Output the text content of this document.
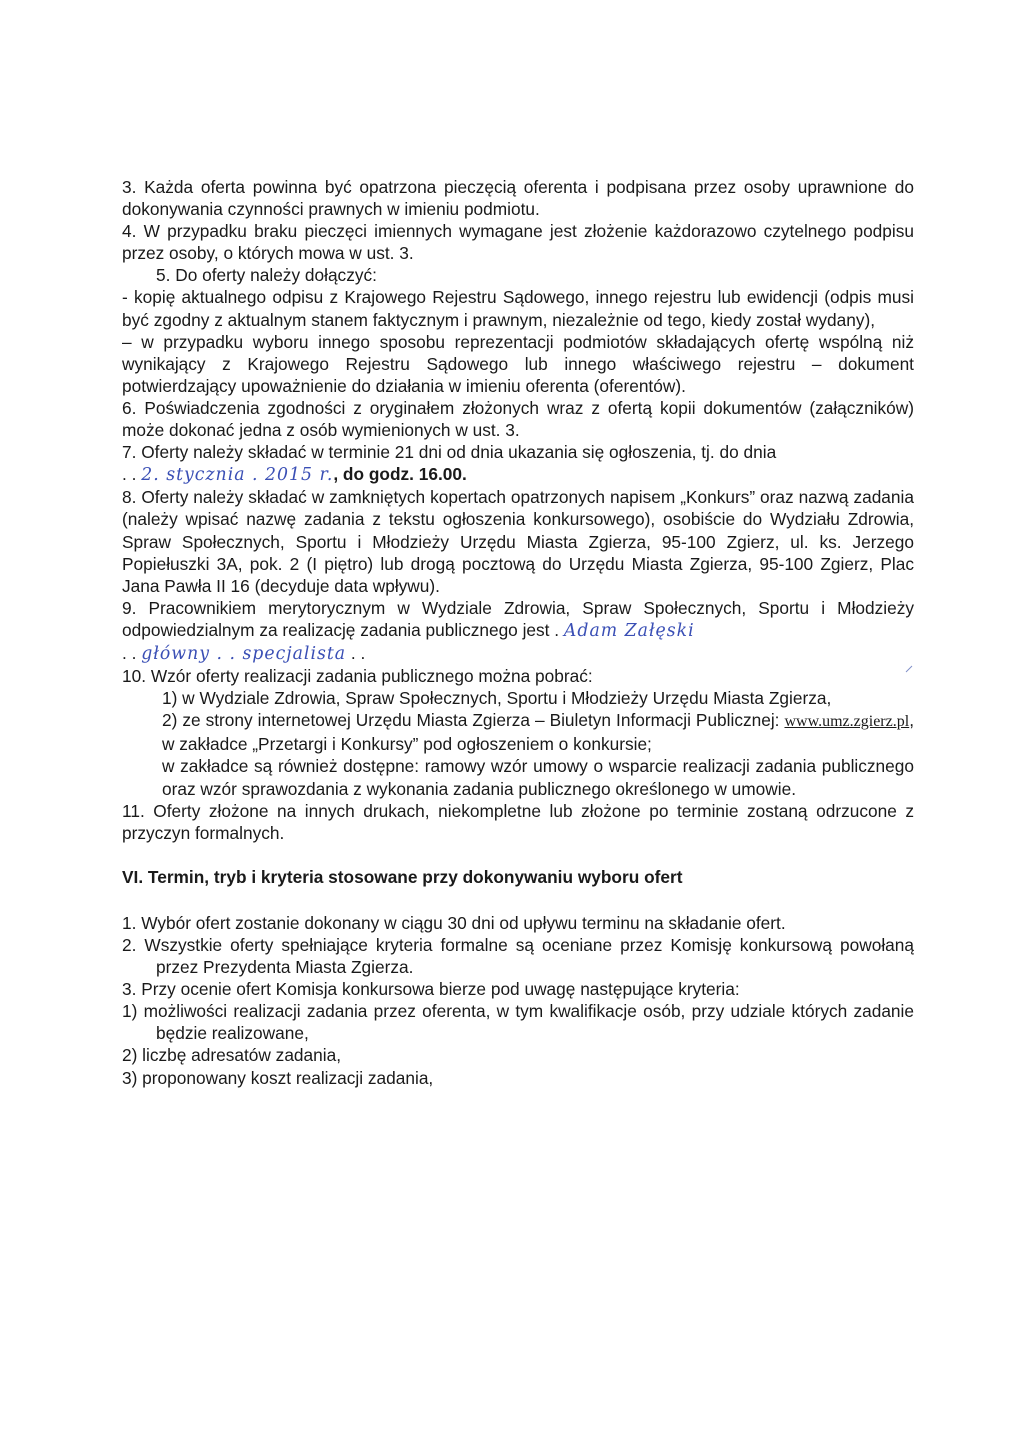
3. Każda oferta powinna być opatrzona pieczęcią oferenta i podpisana przez osoby uprawnione do dokonywania czynności prawnych w imieniu podmiotu.

4. W przypadku braku pieczęci imiennych wymagane jest złożenie każdorazowo czytelnego podpisu przez osoby, o których mowa w ust. 3.

5. Do oferty należy dołączyć:

- kopię aktualnego odpisu z Krajowego Rejestru Sądowego, innego rejestru lub ewidencji (odpis musi być zgodny z aktualnym stanem faktycznym i prawnym, niezależnie od tego, kiedy został wydany),

– w przypadku wyboru innego sposobu reprezentacji podmiotów składających ofertę wspólną niż wynikający z Krajowego Rejestru Sądowego lub innego właściwego rejestru – dokument potwierdzający upoważnienie do działania w imieniu oferenta (oferentów).

6. Poświadczenia zgodności z oryginałem złożonych wraz z ofertą kopii dokumentów (załączników) może dokonać jedna z osób wymienionych w ust. 3.

7. Oferty należy składać w terminie 21 dni od dnia ukazania się ogłoszenia, tj. do dnia
. . 2. stycznia . 2015 r., do godz. 16.00.

8. Oferty należy składać w zamkniętych kopertach opatrzonych napisem „Konkurs” oraz nazwą zadania (należy wpisać nazwę zadania z tekstu ogłoszenia konkursowego), osobiście do Wydziału Zdrowia, Spraw Społecznych, Sportu i Młodzieży Urzędu Miasta Zgierza, 95-100 Zgierz, ul. ks. Jerzego Popiełuszki 3A, pok. 2 (I piętro) lub drogą pocztową do Urzędu Miasta Zgierza, 95-100 Zgierz, Plac Jana Pawła II 16 (decyduje data wpływu).

9. Pracownikiem merytorycznym w Wydziale Zdrowia, Spraw Społecznych, Sportu i Młodzieży odpowiedzialnym za realizację zadania publicznego jest . Adam Załęski
. . główny . . specjalista . .

10. Wzór oferty realizacji zadania publicznego można pobrać:

1) w Wydziale Zdrowia, Spraw Społecznych, Sportu i Młodzieży Urzędu Miasta Zgierza,

2) ze strony internetowej Urzędu Miasta Zgierza – Biuletyn Informacji Publicznej: www.umz.zgierz.pl, w zakładce „Przetargi i Konkursy” pod ogłoszeniem o konkursie;

w zakładce są również dostępne: ramowy wzór umowy o wsparcie realizacji zadania publicznego oraz wzór sprawozdania z wykonania zadania publicznego określonego w umowie.

11. Oferty złożone na innych drukach, niekompletne lub złożone po terminie zostaną odrzucone z przyczyn formalnych.

VI. Termin, tryb i kryteria stosowane przy dokonywaniu wyboru ofert

1. Wybór ofert zostanie dokonany w ciągu 30 dni od upływu terminu na składanie ofert.

2. Wszystkie oferty spełniające kryteria formalne są oceniane przez Komisję konkursową powołaną przez Prezydenta Miasta Zgierza.

3. Przy ocenie ofert Komisja konkursowa bierze pod uwagę następujące kryteria:

1) możliwości realizacji zadania przez oferenta, w tym kwalifikacje osób, przy udziale których zadanie będzie realizowane,

2) liczbę adresatów zadania,

3) proponowany koszt realizacji zadania,
